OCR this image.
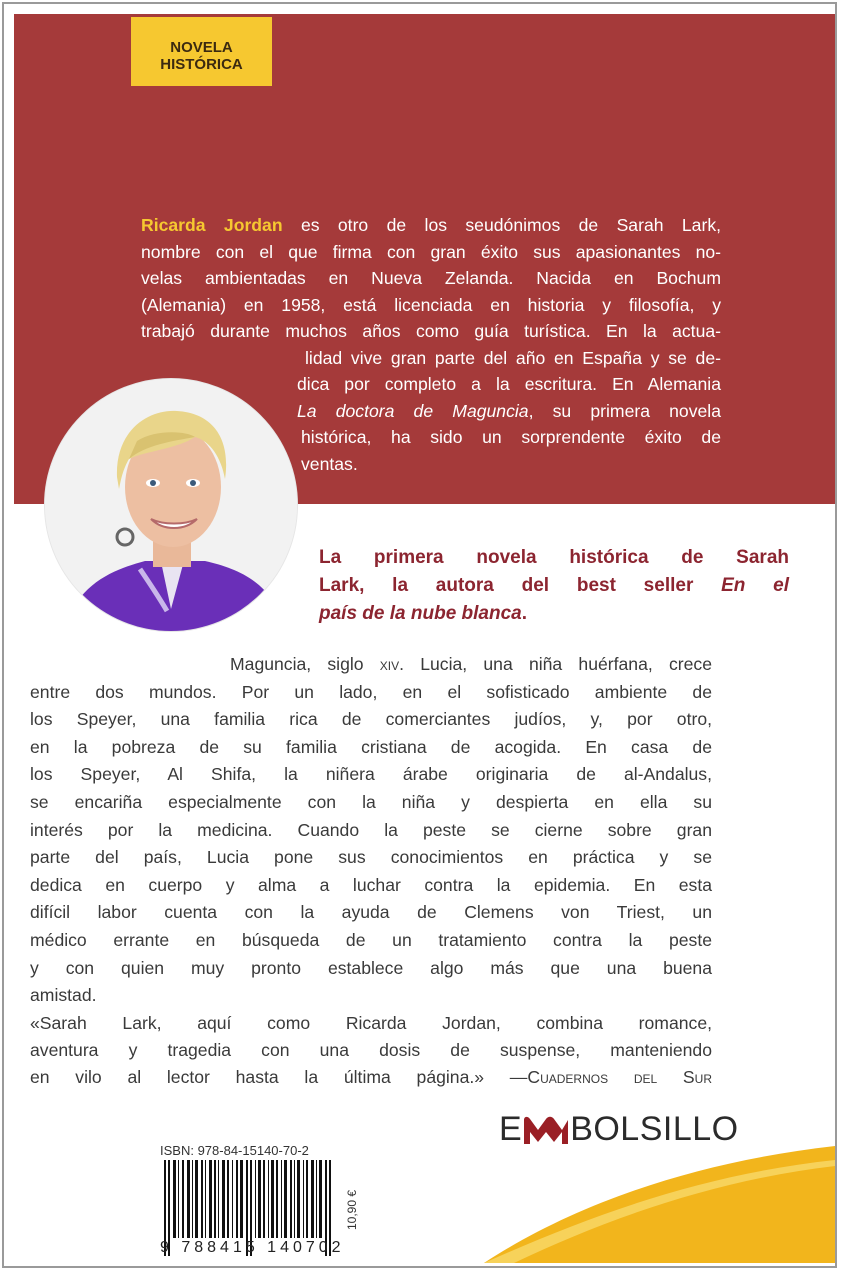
NOVELA HISTÓRICA

Ricarda Jordan es otro de los seudónimos de Sarah Lark,
nombre con el que firma con gran éxito sus apasionantes no-
velas ambientadas en Nueva Zelanda. Nacida en Bochum
(Alemania) en 1958, está licenciada en historia y filosofía, y
trabajó durante muchos años como guía turística. En la actua-
lidad vive gran parte del año en España y se de-
dica por completo a la escritura. En Alemania
La doctora de Maguncia, su primera novela
histórica, ha sido un sorprendente éxito de
ventas.

La primera novela histórica de Sarah
Lark, la autora del best seller En el
país de la nube blanca.

Maguncia, siglo xiv. Lucia, una niña huérfana, crece
entre dos mundos. Por un lado, en el sofisticado ambiente de
los Speyer, una familia rica de comerciantes judíos, y, por otro,
en la pobreza de su familia cristiana de acogida. En casa de
los Speyer, Al Shifa, la niñera árabe originaria de al-Andalus,
se encariña especialmente con la niña y despierta en ella su
interés por la medicina. Cuando la peste se cierne sobre gran
parte del país, Lucia pone sus conocimientos en práctica y se
dedica en cuerpo y alma a luchar contra la epidemia. En esta
difícil labor cuenta con la ayuda de Clemens von Triest, un
médico errante en búsqueda de un tratamiento contra la peste
y con quien muy pronto establece algo más que una buena
amistad.

«Sarah Lark, aquí como Ricarda Jordan, combina romance,
aventura y tragedia con una dosis de suspense, manteniendo
en vilo al lector hasta la última página.» —Cuadernos del Sur

E BOLSILLO
ISBN: 978-84-15140-70-2
10,90 €
9 788415 140702
